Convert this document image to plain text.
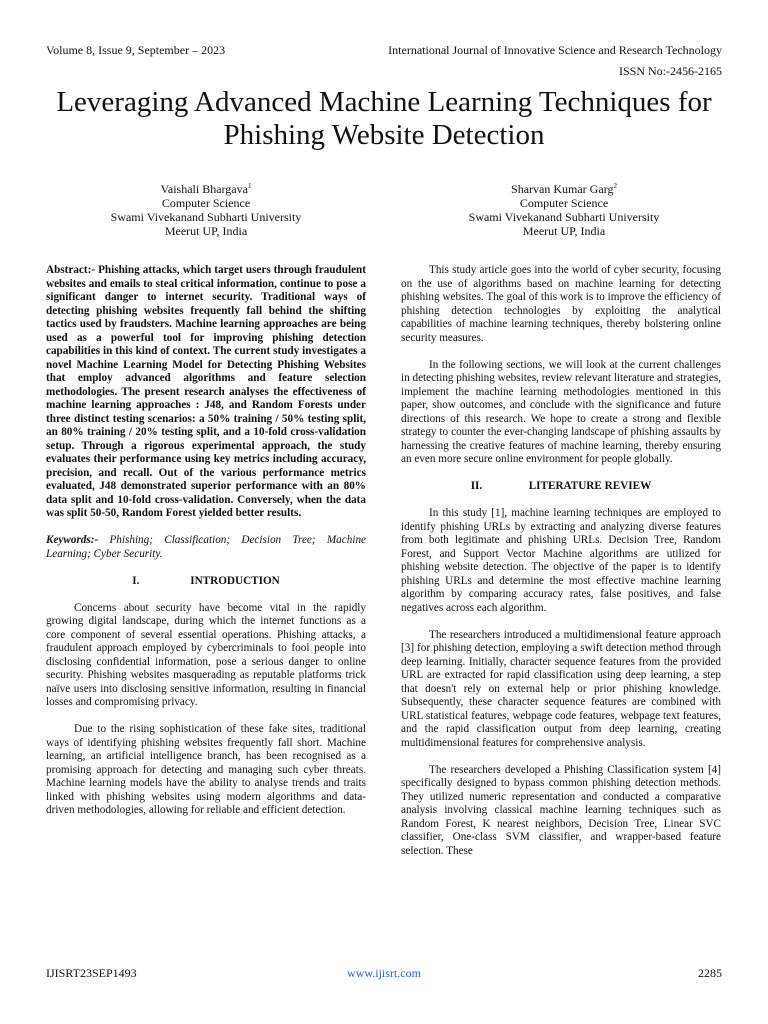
Volume 8, Issue 9, September – 2023	International Journal of Innovative Science and Research Technology
ISSN No:-2456-2165
Leveraging Advanced Machine Learning Techniques for Phishing Website Detection
Vaishali Bhargava$^1$
Computer Science
Swami Vivekanand Subharti University
Meerut UP, India
Sharvan Kumar Garg$^2$
Computer Science
Swami Vivekanand Subharti University
Meerut UP, India

Abstract:- Phishing attacks, which target users through fraudulent websites and emails to steal critical information, continue to pose a significant danger to internet security. Traditional ways of detecting phishing websites frequently fall behind the shifting tactics used by fraudsters. Machine learning approaches are being used as a powerful tool for improving phishing detection capabilities in this kind of context. The current study investigates a novel Machine Learning Model for Detecting Phishing Websites that employ advanced algorithms and feature selection methodologies. The present research analyses the effectiveness of machine learning approaches : J48, and Random Forests under three distinct testing scenarios: a 50% training / 50% testing split, an 80% training / 20% testing split, and a 10-fold cross-validation setup. Through a rigorous experimental approach, the study evaluates their performance using key metrics including accuracy, precision, and recall. Out of the various performance metrics evaluated, J48 demonstrated superior performance with an 80% data split and 10-fold cross-validation. Conversely, when the data was split 50-50, Random Forest yielded better results.

Keywords:- Phishing; Classification; Decision Tree; Machine Learning; Cyber Security.

I.	INTRODUCTION

Concerns about security have become vital in the rapidly growing digital landscape, during which the internet functions as a core component of several essential operations. Phishing attacks, a fraudulent approach employed by cybercriminals to fool people into disclosing confidential information, pose a serious danger to online security. Phishing websites masquerading as reputable platforms trick naïve users into disclosing sensitive information, resulting in financial losses and compromising privacy.

Due to the rising sophistication of these fake sites, traditional ways of identifying phishing websites frequently fall short. Machine learning, an artificial intelligence branch, has been recognised as a promising approach for detecting and managing such cyber threats. Machine learning models have the ability to analyse trends and traits linked with phishing websites using modern algorithms and data-driven methodologies, allowing for reliable and efficient detection.

This study article goes into the world of cyber security, focusing on the use of algorithms based on machine learning for detecting phishing websites. The goal of this work is to improve the efficiency of phishing detection technologies by exploiting the analytical capabilities of machine learning techniques, thereby bolstering online security measures.

In the following sections, we will look at the current challenges in detecting phishing websites, review relevant literature and strategies, implement the machine learning methodologies mentioned in this paper, show outcomes, and conclude with the significance and future directions of this research. We hope to create a strong and flexible strategy to counter the ever-changing landscape of phishing assaults by harnessing the creative features of machine learning, thereby ensuring an even more secure online environment for people globally.

II.	LITERATURE REVIEW

In this study [1], machine learning techniques are employed to identify phishing URLs by extracting and analyzing diverse features from both legitimate and phishing URLs. Decision Tree, Random Forest, and Support Vector Machine algorithms are utilized for phishing website detection. The objective of the paper is to identify phishing URLs and determine the most effective machine learning algorithm by comparing accuracy rates, false positives, and false negatives across each algorithm.

The researchers introduced a multidimensional feature approach [3] for phishing detection, employing a swift detection method through deep learning. Initially, character sequence features from the provided URL are extracted for rapid classification using deep learning, a step that doesn't rely on external help or prior phishing knowledge. Subsequently, these character sequence features are combined with URL statistical features, webpage code features, webpage text features, and the rapid classification output from deep learning, creating multidimensional features for comprehensive analysis.

The researchers developed a Phishing Classification system [4] specifically designed to bypass common phishing detection methods. They utilized numeric representation and conducted a comparative analysis involving classical machine learning techniques such as Random Forest, K nearest neighbors, Decision Tree, Linear SVC classifier, One-class SVM classifier, and wrapper-based feature selection. These

IJISRT23SEP1493	www.ijisrt.com	2285
